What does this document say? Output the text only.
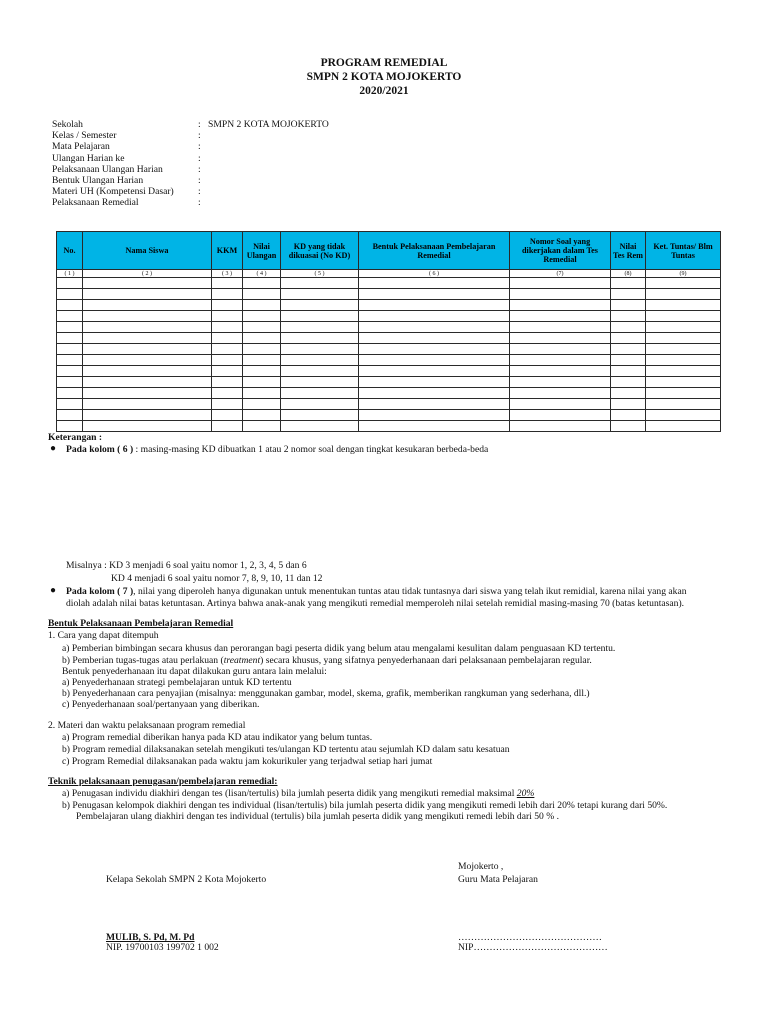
PROGRAM REMEDIAL
SMPN 2 KOTA MOJOKERTO
2020/2021
Sekolah	: SMPN 2 KOTA MOJOKERTO
Kelas / Semester	:
Mata Pelajaran	:
Ulangan Harian ke	:
Pelaksanaan Ulangan Harian	:
Bentuk Ulangan Harian	:
Materi UH (Kompetensi Dasar)	:
Pelaksanaan Remedial	:
No.	Nama Siswa	KKM	Nilai Ulangan	KD yang tidak dikuasai (No KD)	Bentuk Pelaksanaan Pembelajaran Remedial	Nomor Soal yang dikerjakan dalam Tes Remedial	Nilai Tes Rem	Ket. Tuntas/ Blm Tuntas
( 1 )	( 2 )	( 3 )	( 4 )	( 5 )	( 6 )	(7)	(8)	(9)

Keterangan :
● Pada kolom ( 6 ) : masing-masing KD dibuatkan 1 atau 2 nomor soal dengan tingkat kesukaran berbeda-beda
Misalnya : KD 3 menjadi 6 soal yaitu nomor 1, 2, 3, 4, 5 dan 6
KD 4 menjadi 6 soal yaitu nomor 7, 8, 9, 10, 11 dan 12
● Pada kolom ( 7 ), nilai yang diperoleh hanya digunakan untuk menentukan tuntas atau tidak tuntasnya dari siswa yang telah ikut remidial, karena nilai yang akan
diolah adalah nilai batas ketuntasan. Artinya bahwa anak-anak yang mengikuti remedial memperoleh nilai setelah remidial masing-masing 70 (batas ketuntasan).
Bentuk Pelaksanaan Pembelajaran Remedial
1. Cara yang dapat ditempuh
a) Pemberian bimbingan secara khusus dan perorangan bagi peserta didik yang belum atau mengalami kesulitan dalam penguasaan KD tertentu.
b) Pemberian tugas-tugas atau perlakuan (treatment) secara khusus, yang sifatnya penyederhanaan dari pelaksanaan pembelajaran regular.
Bentuk penyederhanaan itu dapat dilakukan guru antara lain melalui:
a) Penyederhanaan strategi pembelajaran untuk KD tertentu
b) Penyederhanaan cara penyajian (misalnya: menggunakan gambar, model, skema, grafik, memberikan rangkuman yang sederhana, dll.)
c) Penyederhanaan soal/pertanyaan yang diberikan.
2. Materi dan waktu pelaksanaan program remedial
a) Program remedial diberikan hanya pada KD atau indikator yang belum tuntas.
b) Program remedial dilaksanakan setelah mengikuti tes/ulangan KD tertentu atau sejumlah KD dalam satu kesatuan
c) Program Remedial dilaksanakan pada waktu jam kokurikuler yang terjadwal setiap hari jumat
Teknik pelaksanaan penugasan/pembelajaran remedial:
a) Penugasan individu diakhiri dengan tes (lisan/tertulis) bila jumlah peserta didik yang mengikuti remedial maksimal 20%
b) Penugasan kelompok diakhiri dengan tes individual (lisan/tertulis) bila jumlah peserta didik yang mengikuti remedi lebih dari 20% tetapi kurang dari 50%.
Pembelajaran ulang diakhiri dengan tes individual (tertulis) bila jumlah peserta didik yang mengikuti remedi lebih dari 50 % .
Mojokerto ,
Kelapa Sekolah SMPN 2 Kota Mojokerto	Guru Mata Pelajaran
MULIB, S. Pd, M. Pd
NIP. 19700103 199702 1 002
………………………………………
NIP……………………………………
